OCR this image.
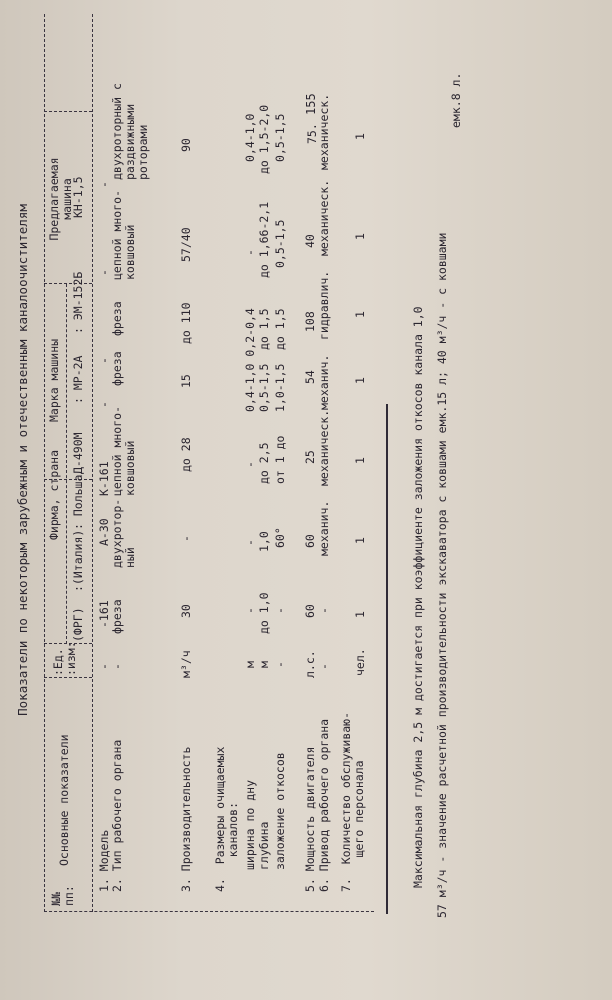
155
Показатели по некоторым зарубежным и отечественным каналоочистителям
№№
пп:
Основные показатели
:Ед.
:изм:
Фирма, страна
(ФРГ)
:(Италия)
: Польша
Марка машины
Д-490М
: МР-2А
: ЭМ-152Б
Предлагаемая
машина
КН-1,5
1. Модель
-
-161
А-30
К-161
-
-
-
-
2. Тип рабочего органа
-
фреза
двухротор-
ный
цепной много-
ковшовый
фреза
фреза
цепной много-
ковшовый
двухроторный с
раздвижными
роторами
3. Производительность
м³/ч
30
-
до 28
15
до 110
57/40
90
4.  Размеры очищаемых
каналов: ширина по дну
м
-
-
-
0,4-1,0 0,2-0,4
-
0,4-1,0
глубина
м
до 1,0
1,0
до 2,5
0,5-1,5
до 1,5
до 1,66-2,1
до 1,5-2,0
заложение откосов
-
-
60°
от 1 до
1,0-1,5
до 1,5
0,5-1,5
0,5-1,5
5. Мощность двигателя
л.с.
60
60
25
54
108
40
75.
6. Привод рабочего органа
-
-
механич.
механическ.
механич.
гидравлич.
механическ.
механическ.
7.  Количество обслуживаю-
щего персонала
чел.
1
1
1
1
1
1
1
Максимальная глубина 2,5 м достигается при коэффициенте заложения откосов канала 1,0 57 м³/ч - значение расчетной производительности экскаватора с ковшами емк.15 л; 40 м³/ч - с ковшами
емк.8 л.
